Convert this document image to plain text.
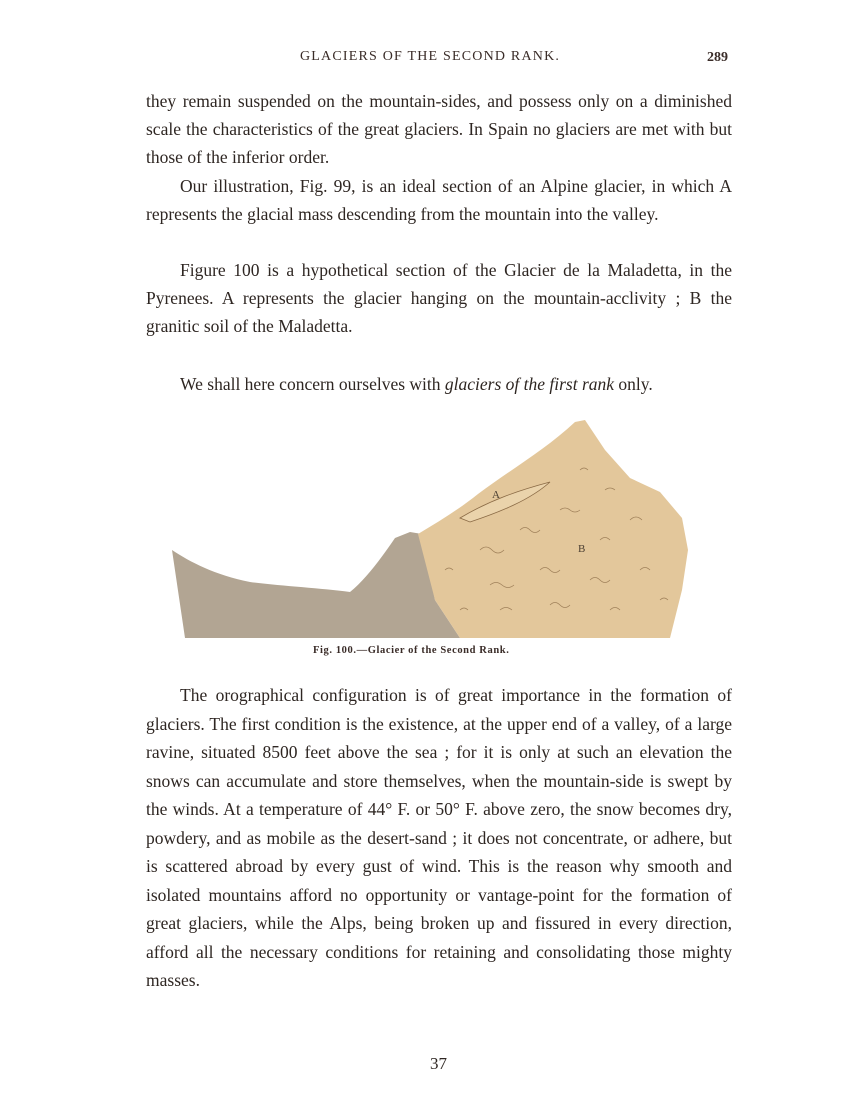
GLACIERS OF THE SECOND RANK.	289

they remain suspended on the mountain-sides, and possess only on a diminished scale the characteristics of the great glaciers. In Spain no glaciers are met with but those of the inferior order.

Our illustration, Fig. 99, is an ideal section of an Alpine glacier, in which A represents the glacial mass descending from the mountain into the valley.

Figure 100 is a hypothetical section of the Glacier de la Maladetta, in the Pyrenees. A represents the glacier hanging on the mountain-acclivity ; B the granitic soil of the Maladetta.

We shall here concern ourselves with glaciers of the first rank only.

A
B
Fig. 100.—Glacier of the Second Rank.

The orographical configuration is of great importance in the formation of glaciers. The first condition is the existence, at the upper end of a valley, of a large ravine, situated 8500 feet above the sea ; for it is only at such an elevation the snows can accumulate and store themselves, when the mountain-side is swept by the winds. At a temperature of 44° F. or 50° F. above zero, the snow becomes dry, powdery, and as mobile as the desert-sand ; it does not concentrate, or adhere, but is scattered abroad by every gust of wind. This is the reason why smooth and isolated mountains afford no opportunity or vantage-point for the formation of great glaciers, while the Alps, being broken up and fissured in every direction, afford all the necessary conditions for retaining and consolidating those mighty masses.

37
